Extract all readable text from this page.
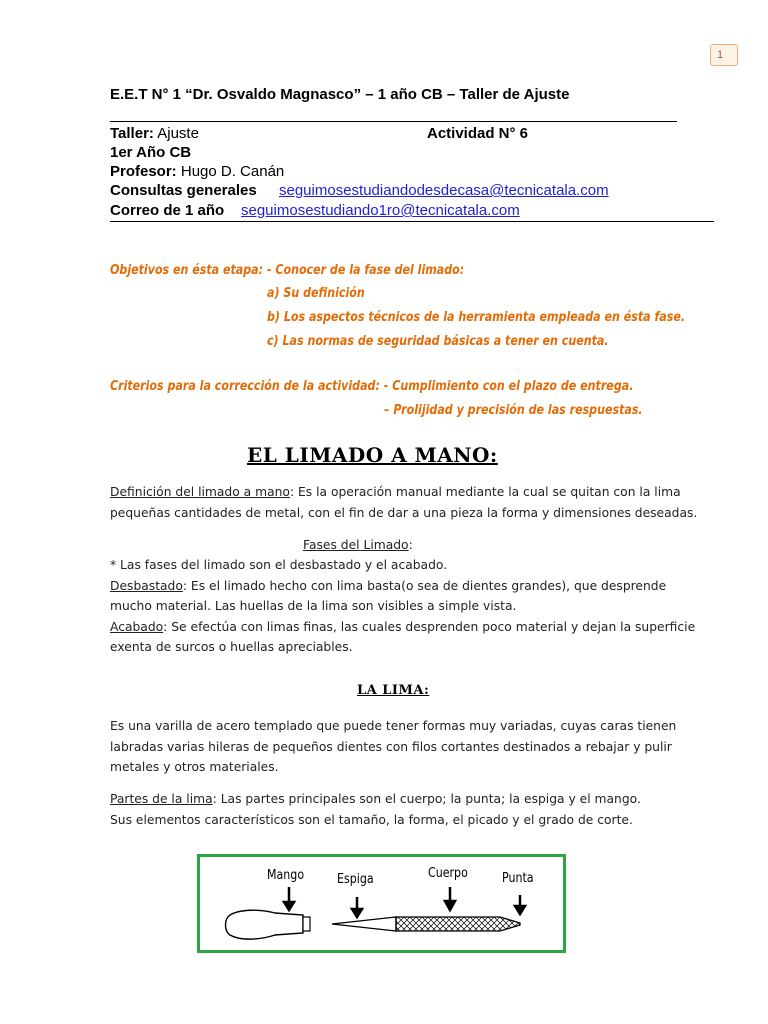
1
E.E.T N° 1 “Dr. Osvaldo Magnasco” – 1 año CB – Taller de Ajuste
Taller: Ajuste	Actividad N° 6
1er Año CB
Profesor: Hugo D. Canán
Consultas generales seguimosestudiandodesdecasa@tecnicatala.com
Correo de 1 año seguimosestudiando1ro@tecnicatala.com
Objetivos en ésta etapa: - Conocer de la fase del limado:
a) Su definición
b) Los aspectos técnicos de la herramienta empleada en ésta fase.
c) Las normas de seguridad básicas a tener en cuenta.
Criterios para la corrección de la actividad: - Cumplimiento con el plazo de entrega.
– Prolijidad y precisión de las respuestas.
EL LIMADO A MANO:
Definición del limado a mano: Es la operación manual mediante la cual se quitan con la lima
pequeñas cantidades de metal, con el fin de dar a una pieza la forma y dimensiones deseadas.
Fases del Limado:
* Las fases del limado son el desbastado y el acabado.
Desbastado: Es el limado hecho con lima basta(o sea de dientes grandes), que desprende
mucho material. Las huellas de la lima son visibles a simple vista.
Acabado: Se efectúa con limas finas, las cuales desprenden poco material y dejan la superficie
exenta de surcos o huellas apreciables.
LA LIMA:
Es una varilla de acero templado que puede tener formas muy variadas, cuyas caras tienen
labradas varias hileras de pequeños dientes con filos cortantes destinados a rebajar y pulir
metales y otros materiales.
Partes de la lima: Las partes principales son el cuerpo; la punta; la espiga y el mango.
Sus elementos característicos son el tamaño, la forma, el picado y el grado de corte.
Mango	Espiga	Cuerpo	Punta
